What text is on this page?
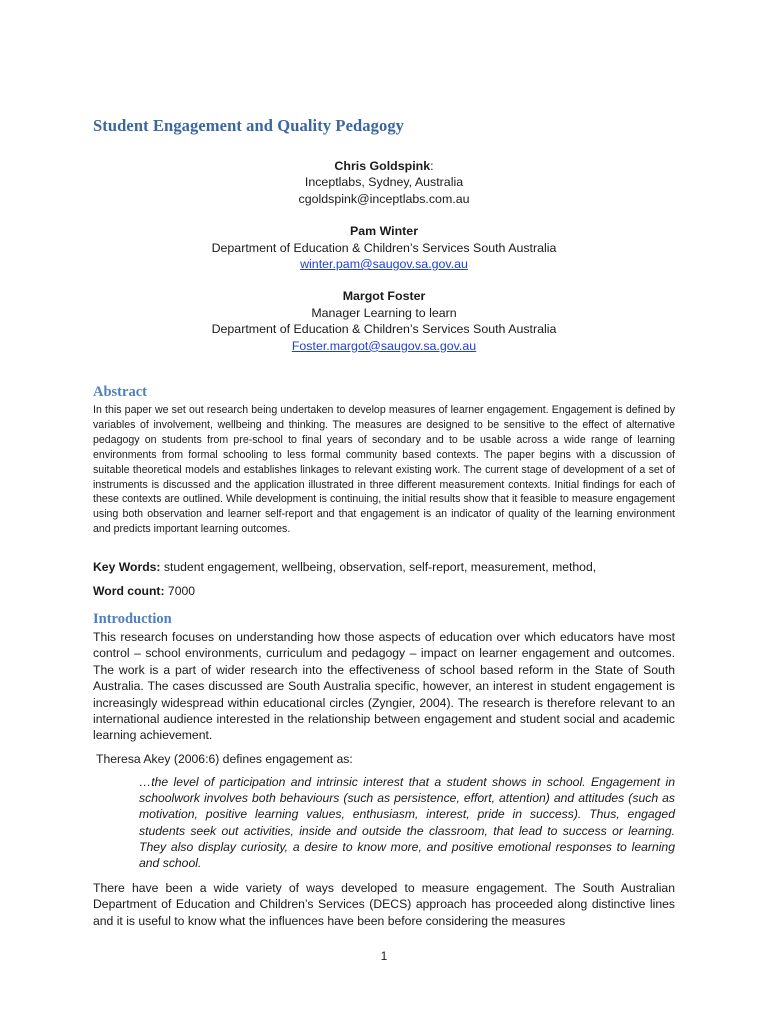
Student Engagement and Quality Pedagogy
Chris Goldspink:
Inceptlabs, Sydney, Australia
cgoldspink@inceptlabs.com.au
Pam Winter
Department of Education & Children’s Services South Australia
winter.pam@saugov.sa.gov.au
Margot Foster
Manager Learning to learn
Department of Education & Children’s Services South Australia
Foster.margot@saugov.sa.gov.au
Abstract

In this paper we set out research being undertaken to develop measures of learner engagement. Engagement is defined by variables of involvement, wellbeing and thinking. The measures are designed to be sensitive to the effect of alternative pedagogy on students from pre-school to final years of secondary and to be usable across a wide range of learning environments from formal schooling to less formal community based contexts. The paper begins with a discussion of suitable theoretical models and establishes linkages to relevant existing work. The current stage of development of a set of instruments is discussed and the application illustrated in three different measurement contexts. Initial findings for each of these contexts are outlined. While development is continuing, the initial results show that it feasible to measure engagement using both observation and learner self-report and that engagement is an indicator of quality of the learning environment and predicts important learning outcomes.

Key Words: student engagement, wellbeing, observation, self-report, measurement, method,

Word count: 7000

Introduction

This research focuses on understanding how those aspects of education over which educators have most control – school environments, curriculum and pedagogy – impact on learner engagement and outcomes. The work is a part of wider research into the effectiveness of school based reform in the State of South Australia. The cases discussed are South Australia specific, however, an interest in student engagement is increasingly widespread within educational circles (Zyngier, 2004). The research is therefore relevant to an international audience interested in the relationship between engagement and student social and academic learning achievement.

Theresa Akey (2006:6) defines engagement as:

…the level of participation and intrinsic interest that a student shows in school. Engagement in schoolwork involves both behaviours (such as persistence, effort, attention) and attitudes (such as motivation, positive learning values, enthusiasm, interest, pride in success). Thus, engaged students seek out activities, inside and outside the classroom, that lead to success or learning. They also display curiosity, a desire to know more, and positive emotional responses to learning and school.

There have been a wide variety of ways developed to measure engagement. The South Australian Department of Education and Children’s Services (DECS) approach has proceeded along distinctive lines and it is useful to know what the influences have been before considering the measures

1
